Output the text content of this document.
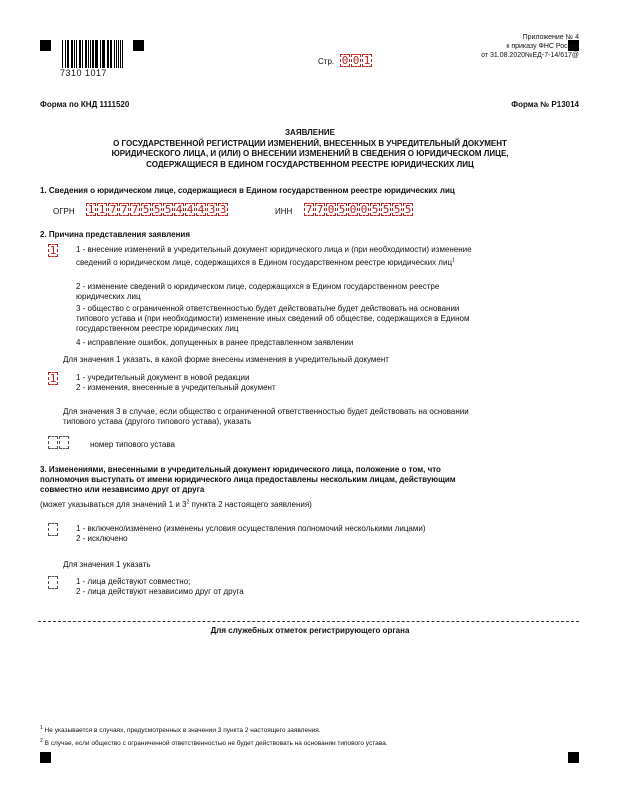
7310 1017
Стр. 0 0 1
Приложение № 4
к приказу ФНС России
от 31.08.2020№ЕД-7-14/617@
Форма по КНД 1111520	Форма № Р13014
ЗАЯВЛЕНИЕ
О ГОСУДАРСТВЕННОЙ РЕГИСТРАЦИИ ИЗМЕНЕНИЙ, ВНЕСЕННЫХ В УЧРЕДИТЕЛЬНЫЙ ДОКУМЕНТ
ЮРИДИЧЕСКОГО ЛИЦА, И (ИЛИ) О ВНЕСЕНИИ ИЗМЕНЕНИЙ В СВЕДЕНИЯ О ЮРИДИЧЕСКОМ ЛИЦЕ,
СОДЕРЖАЩИЕСЯ В ЕДИНОМ ГОСУДАРСТВЕННОМ РЕЕСТРЕ ЮРИДИЧЕСКИХ ЛИЦ
1. Сведения о юридическом лице, содержащиеся в Едином государственном реестре юридических лиц
ОГРН 1 1 7 7 7 5 5 5 4 4 4 3 3	ИНН 7 7 0 5 0 0 5 5 5 5
2. Причина представления заявления
1 1 - внесение изменений в учредительный документ юридического лица и (при необходимости) изменение
сведений о юридическом лице, содержащихся в Едином государственном реестре юридических лиц$^1$
2 - изменение сведений о юридическом лице, содержащихся в Едином государственном реестре
юридических лиц
3 - общество с ограниченной ответственностью будет действовать/не будет действовать на основании
типового устава и (при необходимости) изменение иных сведений об обществе, содержащихся в Едином
государственном реестре юридических лиц
4 - исправление ошибок, допущенных в ранее представленном заявлении
Для значения 1 указать, в какой форме внесены изменения в учредительный документ
1 1 - учредительный документ в новой редакции
2 - изменения, внесенные в учредительный документ
Для значения 3 в случае, если общество с ограниченной ответственностью будет действовать на основании
типового устава (другого типового устава), указать
номер типового устава
3. Изменениями, внесенными в учредительный документ юридического лица, положение о том, что
полномочия выступать от имени юридического лица предоставлены нескольким лицам, действующим
совместно или независимо друг от друга
(может указываться для значений 1 и $3^2$ пункта 2 настоящего заявления)
1 - включено/изменено (изменены условия осуществления полномочий несколькими лицами)
2 - исключено
Для значения 1 указать
1 - лица действуют совместно;
2 - лица действуют независимо друг от друга
Для служебных отметок регистрирующего органа
$^1$ Не указывается в случаях, предусмотренных в значении 3 пункта 2 настоящего заявления.
$^2$ В случае, если общество с ограниченной ответственностью не будет действовать на основании типового устава.
